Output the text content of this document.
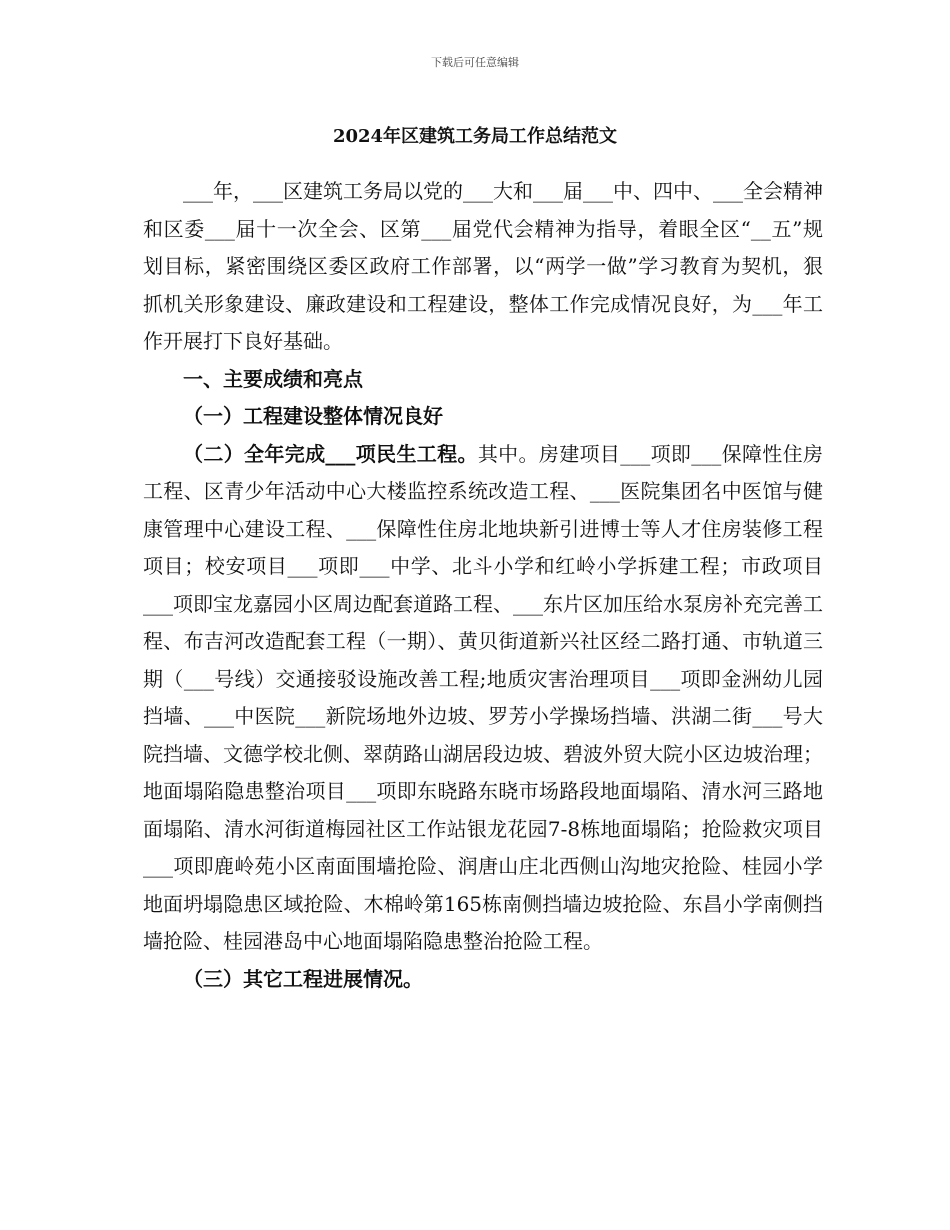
下载后可任意编辑
2024年区建筑工务局工作总结范文

___年，___区建筑工务局以党的___大和___届___中、四中、___全会精神和区委___届十一次全会、区第___届党代会精神为指导，着眼全区“__五”规划目标，紧密围绕区委区政府工作部署，以“两学一做”学习教育为契机，狠抓机关形象建设、廉政建设和工程建设，整体工作完成情况良好，为___年工作开展打下良好基础。

一、主要成绩和亮点

（一）工程建设整体情况良好

（二）全年完成___项民生工程。其中。房建项目___项即___保障性住房工程、区青少年活动中心大楼监控系统改造工程、___医院集团名中医馆与健康管理中心建设工程、___保障性住房北地块新引进博士等人才住房装修工程项目；校安项目___项即___中学、北斗小学和红岭小学拆建工程；市政项目___项即宝龙嘉园小区周边配套道路工程、___东片区加压给水泵房补充完善工程、布吉河改造配套工程（一期）、黄贝街道新兴社区经二路打通、市轨道三期（___号线）交通接驳设施改善工程;地质灾害治理项目___项即金洲幼儿园挡墙、___中医院___新院场地外边坡、罗芳小学操场挡墙、洪湖二街___号大院挡墙、文德学校北侧、翠荫路山湖居段边坡、碧波外贸大院小区边坡治理；地面塌陷隐患整治项目___项即东晓路东晓市场路段地面塌陷、清水河三路地面塌陷、清水河街道梅园社区工作站银龙花园7-8栋地面塌陷；抢险救灾项目___项即鹿岭苑小区南面围墙抢险、润唐山庄北西侧山沟地灾抢险、桂园小学地面坍塌隐患区域抢险、木棉岭第165栋南侧挡墙边坡抢险、东昌小学南侧挡墙抢险、桂园港岛中心地面塌陷隐患整治抢险工程。

（三）其它工程进展情况。
